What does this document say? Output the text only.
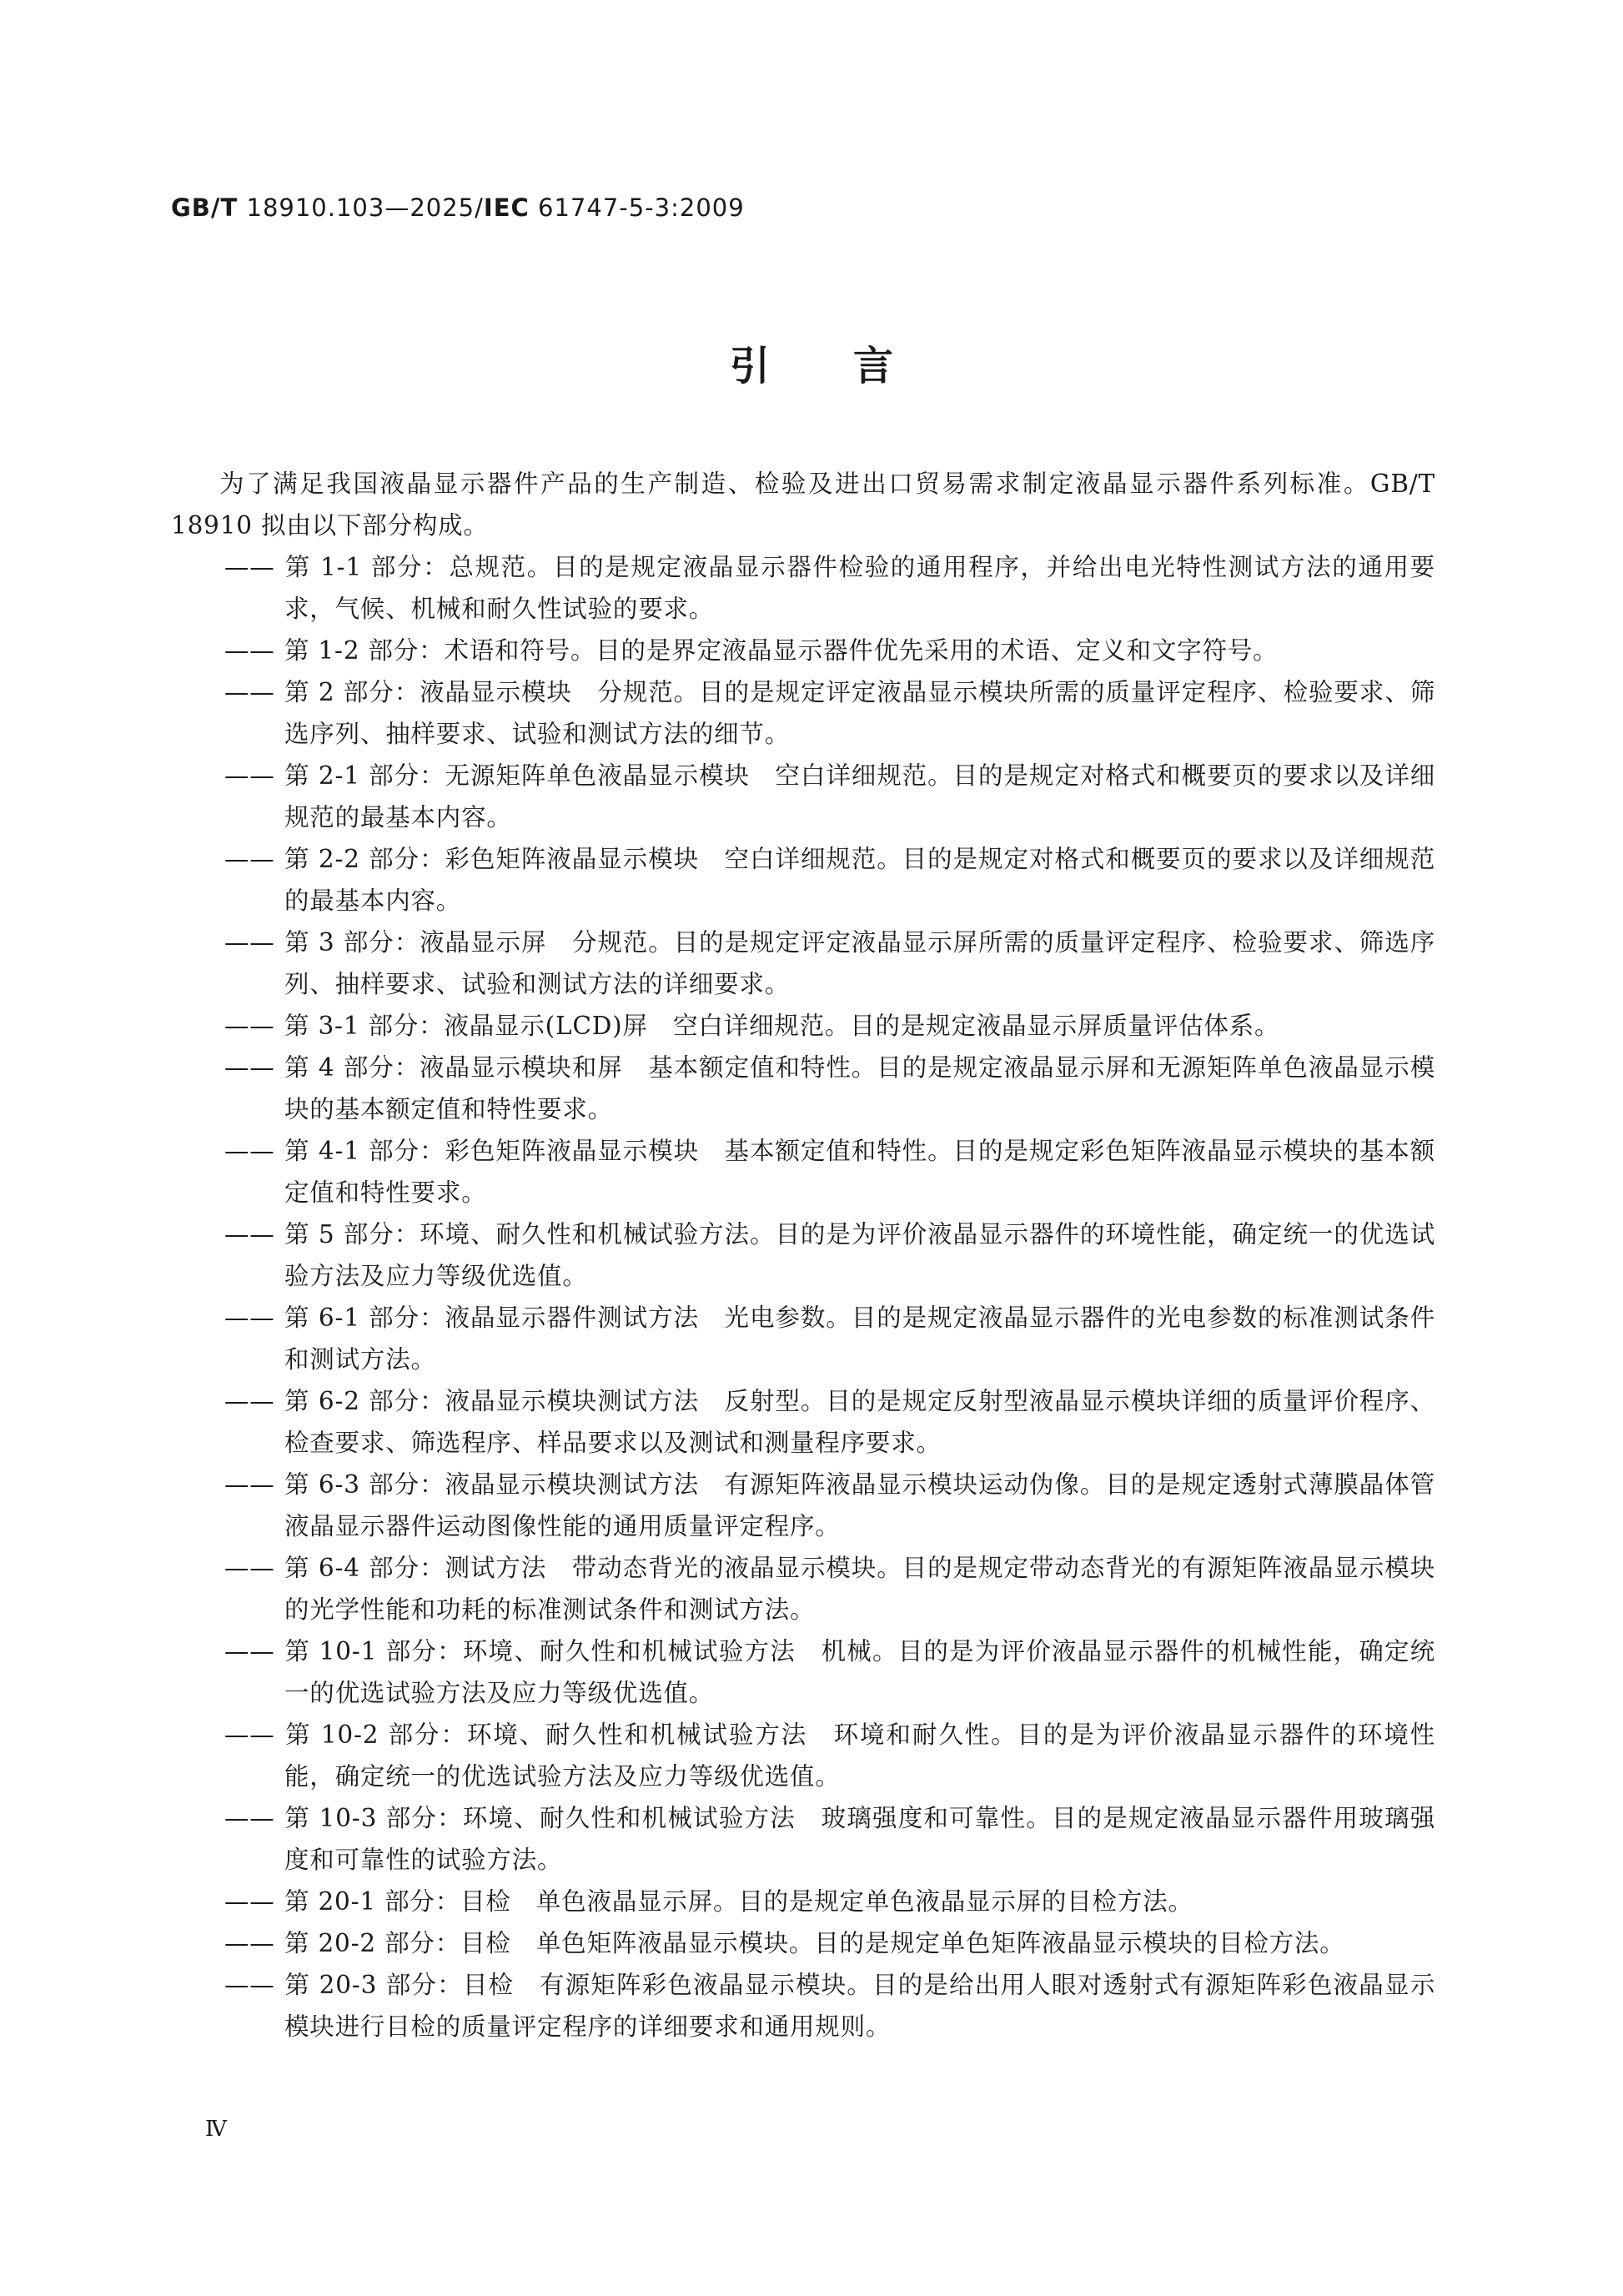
GB/T 18910.103—2025/IEC 61747-5-3:2009
引言

为了满足我国液晶显示器件产品的生产制造、检验及进出口贸易需求制定液晶显示器件系列标准。GB/T 18910 拟由以下部分构成。

—— 第 1-1 部分：总规范。目的是规定液晶显示器件检验的通用程序，并给出电光特性测试方法的通用要求，气候、机械和耐久性试验的要求。
—— 第 1-2 部分：术语和符号。目的是界定液晶显示器件优先采用的术语、定义和文字符号。
—— 第 2 部分：液晶显示模块　分规范。目的是规定评定液晶显示模块所需的质量评定程序、检验要求、筛选序列、抽样要求、试验和测试方法的细节。
—— 第 2-1 部分：无源矩阵单色液晶显示模块　空白详细规范。目的是规定对格式和概要页的要求以及详细规范的最基本内容。
—— 第 2-2 部分：彩色矩阵液晶显示模块　空白详细规范。目的是规定对格式和概要页的要求以及详细规范的最基本内容。
—— 第 3 部分：液晶显示屏　分规范。目的是规定评定液晶显示屏所需的质量评定程序、检验要求、筛选序列、抽样要求、试验和测试方法的详细要求。
—— 第 3-1 部分：液晶显示(LCD)屏　空白详细规范。目的是规定液晶显示屏质量评估体系。
—— 第 4 部分：液晶显示模块和屏　基本额定值和特性。目的是规定液晶显示屏和无源矩阵单色液晶显示模块的基本额定值和特性要求。
—— 第 4-1 部分：彩色矩阵液晶显示模块　基本额定值和特性。目的是规定彩色矩阵液晶显示模块的基本额定值和特性要求。
—— 第 5 部分：环境、耐久性和机械试验方法。目的是为评价液晶显示器件的环境性能，确定统一的优选试验方法及应力等级优选值。
—— 第 6-1 部分：液晶显示器件测试方法　光电参数。目的是规定液晶显示器件的光电参数的标准测试条件和测试方法。
—— 第 6-2 部分：液晶显示模块测试方法　反射型。目的是规定反射型液晶显示模块详细的质量评价程序、检查要求、筛选程序、样品要求以及测试和测量程序要求。
—— 第 6-3 部分：液晶显示模块测试方法　有源矩阵液晶显示模块运动伪像。目的是规定透射式薄膜晶体管液晶显示器件运动图像性能的通用质量评定程序。
—— 第 6-4 部分：测试方法　带动态背光的液晶显示模块。目的是规定带动态背光的有源矩阵液晶显示模块的光学性能和功耗的标准测试条件和测试方法。
—— 第 10-1 部分：环境、耐久性和机械试验方法　机械。目的是为评价液晶显示器件的机械性能，确定统一的优选试验方法及应力等级优选值。
—— 第 10-2 部分：环境、耐久性和机械试验方法　环境和耐久性。目的是为评价液晶显示器件的环境性能，确定统一的优选试验方法及应力等级优选值。
—— 第 10-3 部分：环境、耐久性和机械试验方法　玻璃强度和可靠性。目的是规定液晶显示器件用玻璃强度和可靠性的试验方法。
—— 第 20-1 部分：目检　单色液晶显示屏。目的是规定单色液晶显示屏的目检方法。
—— 第 20-2 部分：目检　单色矩阵液晶显示模块。目的是规定单色矩阵液晶显示模块的目检方法。
—— 第 20-3 部分：目检　有源矩阵彩色液晶显示模块。目的是给出用人眼对透射式有源矩阵彩色液晶显示模块进行目检的质量评定程序的详细要求和通用规则。
Ⅳ
